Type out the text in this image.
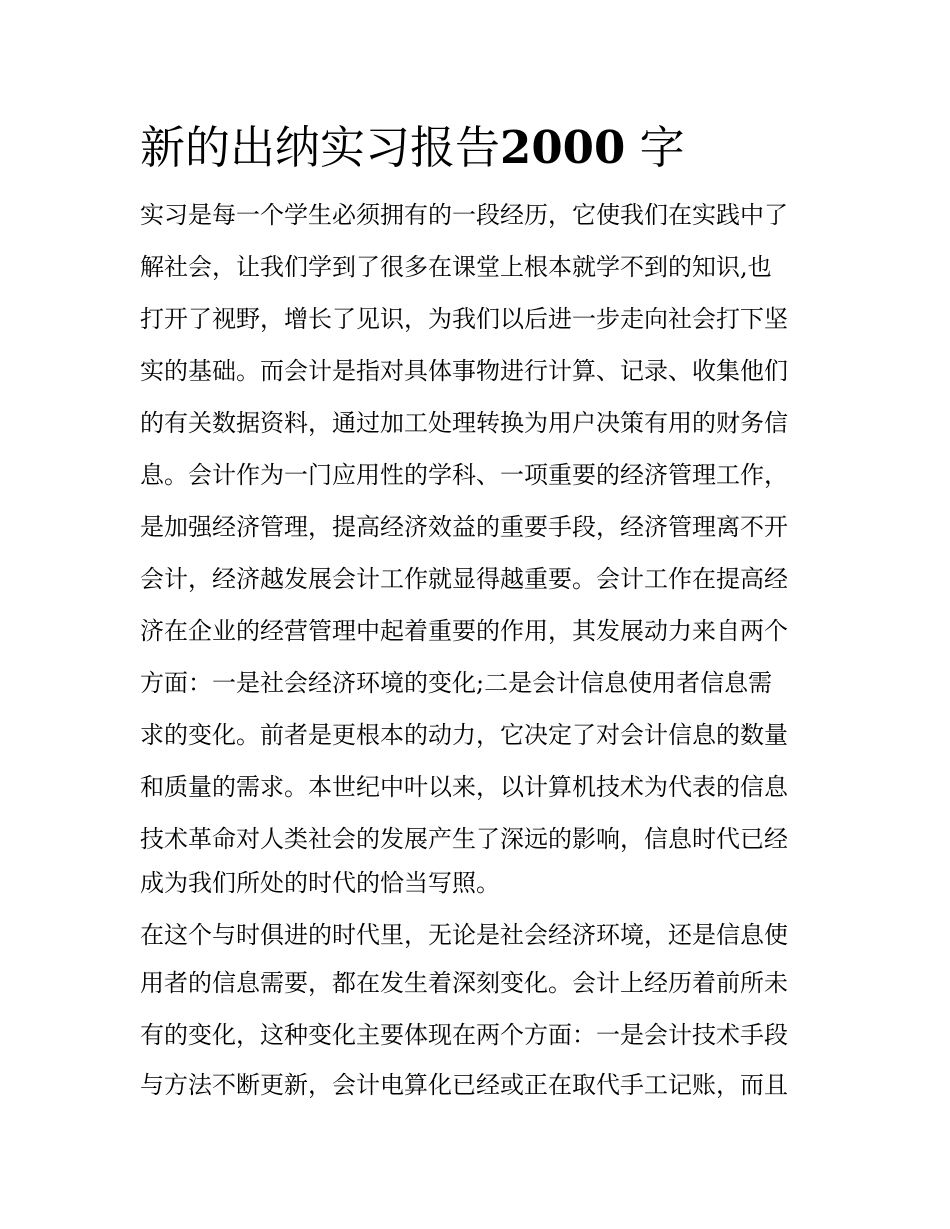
新的出纳实习报告2000 字

实习是每一个学生必须拥有的一段经历，它使我们在实践中了

解社会，让我们学到了很多在课堂上根本就学不到的知识,也

打开了视野，增长了见识，为我们以后进一步走向社会打下坚

实的基础。而会计是指对具体事物进行计算、记录、收集他们

的有关数据资料，通过加工处理转换为用户决策有用的财务信

息。会计作为一门应用性的学科、一项重要的经济管理工作，

是加强经济管理，提高经济效益的重要手段，经济管理离不开

会计，经济越发展会计工作就显得越重要。会计工作在提高经

济在企业的经营管理中起着重要的作用，其发展动力来自两个

方面：一是社会经济环境的变化;二是会计信息使用者信息需

求的变化。前者是更根本的动力，它决定了对会计信息的数量

和质量的需求。本世纪中叶以来，以计算机技术为代表的信息

技术革命对人类社会的发展产生了深远的影响，信息时代已经

成为我们所处的时代的恰当写照。

在这个与时俱进的时代里，无论是社会经济环境，还是信息使

用者的信息需要，都在发生着深刻变化。会计上经历着前所未

有的变化，这种变化主要体现在两个方面：一是会计技术手段

与方法不断更新，会计电算化已经或正在取代手工记账，而且
